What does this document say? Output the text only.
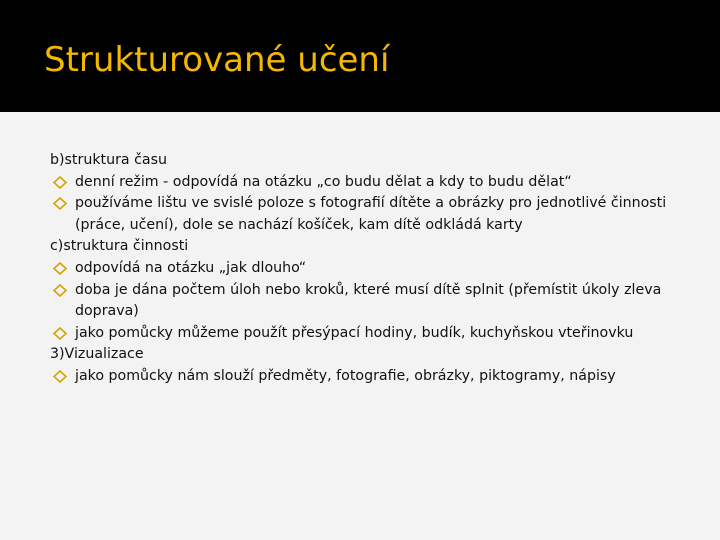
Strukturované učení

b)struktura času

denní režim - odpovídá na otázku „co budu dělat a kdy to budu dělat“

používáme lištu ve svislé poloze s fotografií dítěte a obrázky pro jednotlivé činnosti (práce, učení), dole se nachází košíček, kam dítě odkládá karty

c)struktura činnosti

odpovídá na otázku „jak dlouho“

doba je dána počtem úloh nebo kroků, které musí dítě splnit (přemístit úkoly zleva doprava)

jako pomůcky můžeme použít přesýpací hodiny, budík, kuchyňskou vteřinovku

3)Vizualizace

jako pomůcky nám slouží předměty, fotografie, obrázky, piktogramy, nápisy
